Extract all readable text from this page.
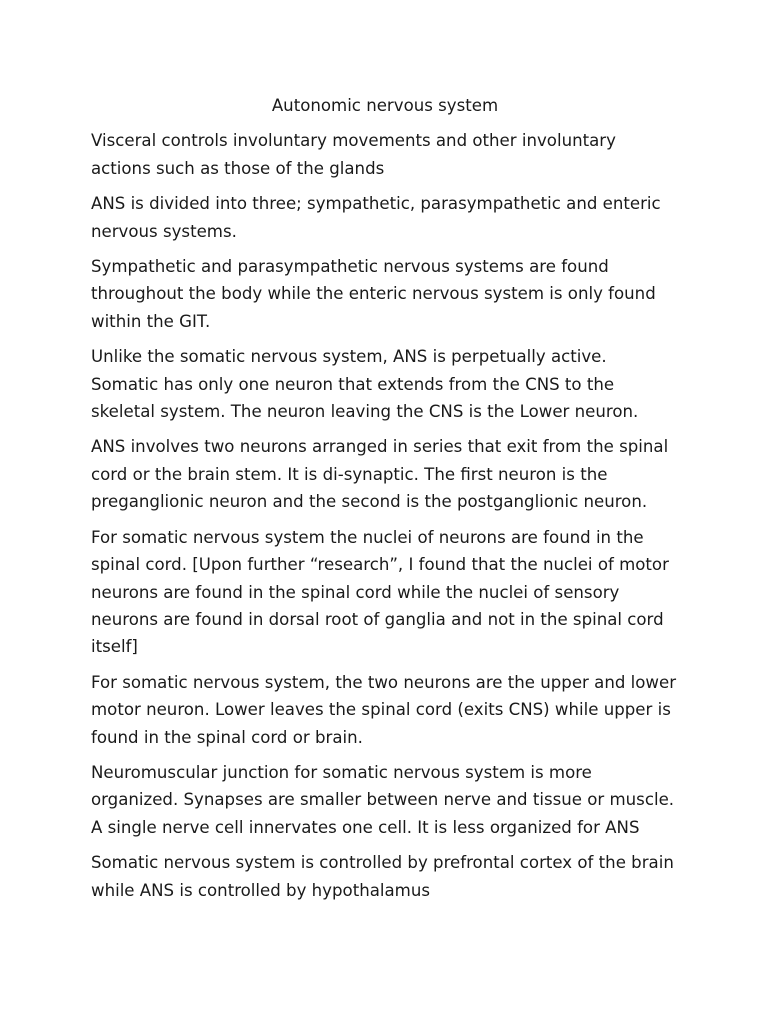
Autonomic nervous system

Visceral controls involuntary movements and other involuntary actions such as those of the glands

ANS is divided into three; sympathetic, parasympathetic and enteric nervous systems.

Sympathetic and parasympathetic nervous systems are found throughout the body while the enteric nervous system is only found within the GIT.

Unlike the somatic nervous system, ANS is perpetually active. Somatic has only one neuron that extends from the CNS to the skeletal system. The neuron leaving the CNS is the Lower neuron.

ANS involves two neurons arranged in series that exit from the spinal cord or the brain stem. It is di-synaptic. The first neuron is the preganglionic neuron and the second is the postganglionic neuron.

For somatic nervous system the nuclei of neurons are found in the spinal cord. [Upon further “research”, I found that the nuclei of motor neurons are found in the spinal cord while the nuclei of sensory neurons are found in dorsal root of ganglia and not in the spinal cord itself]

For somatic nervous system, the two neurons are the upper and lower motor neuron. Lower leaves the spinal cord (exits CNS) while upper is found in the spinal cord or brain.

Neuromuscular junction for somatic nervous system is more organized. Synapses are smaller between nerve and tissue or muscle. A single nerve cell innervates one cell. It is less organized for ANS

Somatic nervous system is controlled by prefrontal cortex of the brain while ANS is controlled by hypothalamus
